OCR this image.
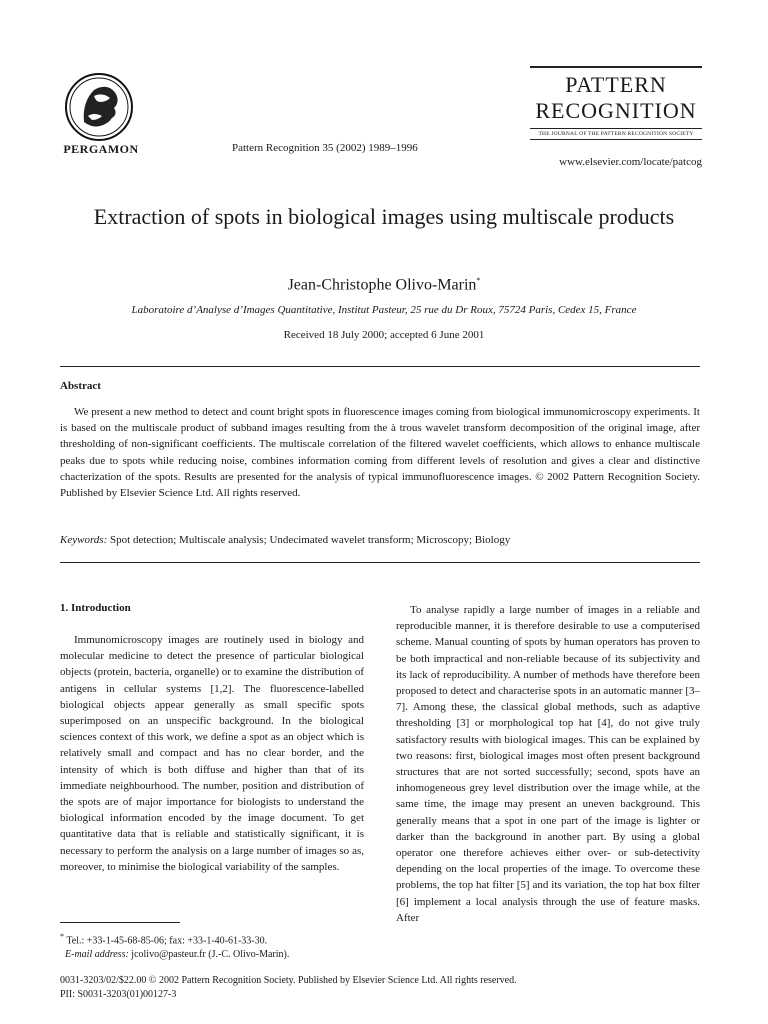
PERGAMON	Pattern Recognition 35 (2002) 1989–1996
PATTERN
RECOGNITION
THE JOURNAL OF THE PATTERN RECOGNITION SOCIETY
www.elsevier.com/locate/patcog
Extraction of spots in biological images using multiscale products
Jean-Christophe Olivo-Marin*
Laboratoire d’Analyse d’Images Quantitative, Institut Pasteur, 25 rue du Dr Roux, 75724 Paris, Cedex 15, France
Received 18 July 2000; accepted 6 June 2001
Abstract
We present a new method to detect and count bright spots in fluorescence images coming from biological immunomicroscopy experiments. It is based on the multiscale product of subband images resulting from the à trous wavelet transform decomposition of the original image, after thresholding of non-significant coefficients. The multiscale correlation of the filtered wavelet coefficients, which allows to enhance multiscale peaks due to spots while reducing noise, combines information coming from different levels of resolution and gives a clear and distinctive chacterization of the spots. Results are presented for the analysis of typical immunofluorescence images. © 2002 Pattern Recognition Society. Published by Elsevier Science Ltd. All rights reserved.
Keywords: Spot detection; Multiscale analysis; Undecimated wavelet transform; Microscopy; Biology
1. Introduction
Immunomicroscopy images are routinely used in biology and molecular medicine to detect the presence of particular biological objects (protein, bacteria, organelle) or to examine the distribution of antigens in cellular systems [1,2]. The fluorescence-labelled biological objects appear generally as small specific spots superimposed on an unspecific background. In the biological sciences context of this work, we define a spot as an object which is relatively small and compact and has no clear border, and the intensity of which is both diffuse and higher than that of its immediate neighbourhood. The number, position and distribution of the spots are of major importance for biologists to understand the biological information encoded by the image document. To get quantitative data that is reliable and statistically significant, it is necessary to perform the analysis on a large number of images so as, moreover, to minimise the biological variability of the samples.
To analyse rapidly a large number of images in a reliable and reproducible manner, it is therefore desirable to use a computerised scheme. Manual counting of spots by human operators has proven to be both impractical and non-reliable because of its subjectivity and its lack of reproducibility. A number of methods have therefore been proposed to detect and characterise spots in an automatic manner [3–7]. Among these, the classical global methods, such as adaptive thresholding [3] or morphological top hat [4], do not give truly satisfactory results with biological images. This can be explained by two reasons: first, biological images most often present background structures that are not sorted successfully; second, spots have an inhomogeneous grey level distribution over the image while, at the same time, the image may present an uneven background. This generally means that a spot in one part of the image is lighter or darker than the background in another part. By using a global operator one therefore achieves either over- or sub-detectivity depending on the local properties of the image. To overcome these problems, the top hat filter [5] and its variation, the top hat box filter [6] implement a local analysis through the use of feature masks. After

* Tel.: +33-1-45-68-85-06; fax: +33-1-40-61-33-30.

E-mail address: jcolivo@pasteur.fr (J.-C. Olivo-Marin).

0031-3203/02/$22.00 © 2002 Pattern Recognition Society. Published by Elsevier Science Ltd. All rights reserved.

PII: S0031-3203(01)00127-3
